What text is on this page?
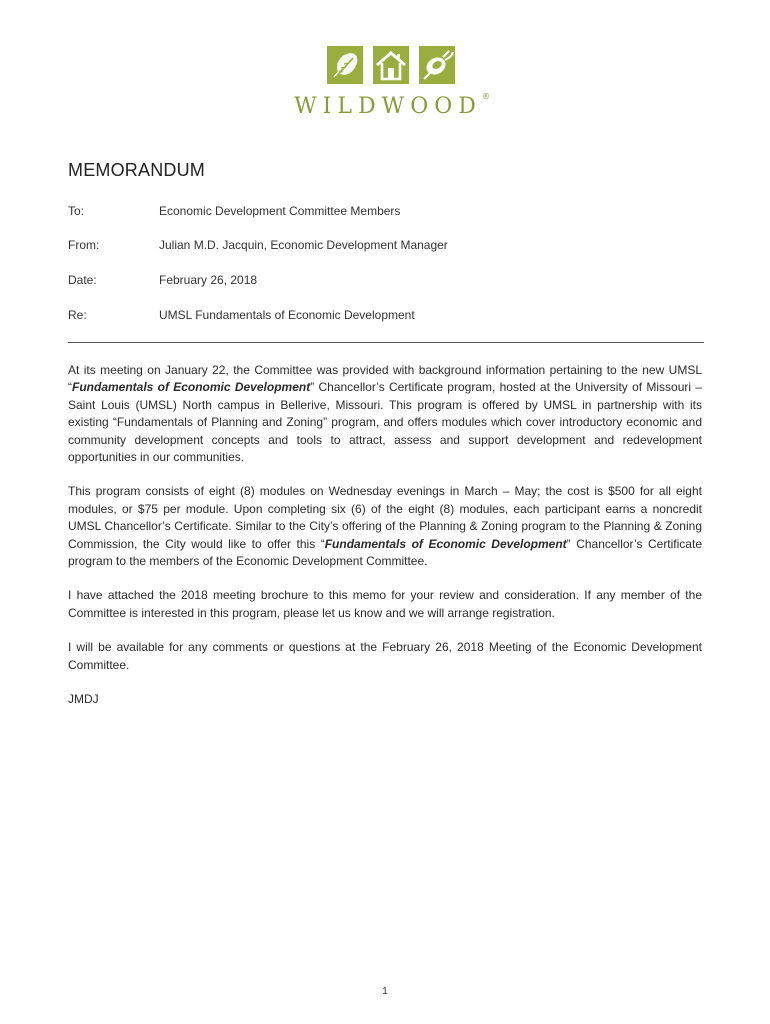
WILDWOOD®
MEMORANDUM
To:	Economic Development Committee Members
From:	Julian M.D. Jacquin, Economic Development Manager
Date:	February 26, 2018
Re:	UMSL Fundamentals of Economic Development

At its meeting on January 22, the Committee was provided with background information pertaining to the new UMSL “Fundamentals of Economic Development” Chancellor’s Certificate program, hosted at the University of Missouri – Saint Louis (UMSL) North campus in Bellerive, Missouri. This program is offered by UMSL in partnership with its existing “Fundamentals of Planning and Zoning” program, and offers modules which cover introductory economic and community development concepts and tools to attract, assess and support development and redevelopment opportunities in our communities.

This program consists of eight (8) modules on Wednesday evenings in March – May; the cost is $500 for all eight modules, or $75 per module. Upon completing six (6) of the eight (8) modules, each participant earns a noncredit UMSL Chancellor’s Certificate. Similar to the City’s offering of the Planning & Zoning program to the Planning & Zoning Commission, the City would like to offer this “Fundamentals of Economic Development” Chancellor’s Certificate program to the members of the Economic Development Committee.

I have attached the 2018 meeting brochure to this memo for your review and consideration. If any member of the Committee is interested in this program, please let us know and we will arrange registration.

I will be available for any comments or questions at the February 26, 2018 Meeting of the Economic Development Committee.

JMDJ

1
